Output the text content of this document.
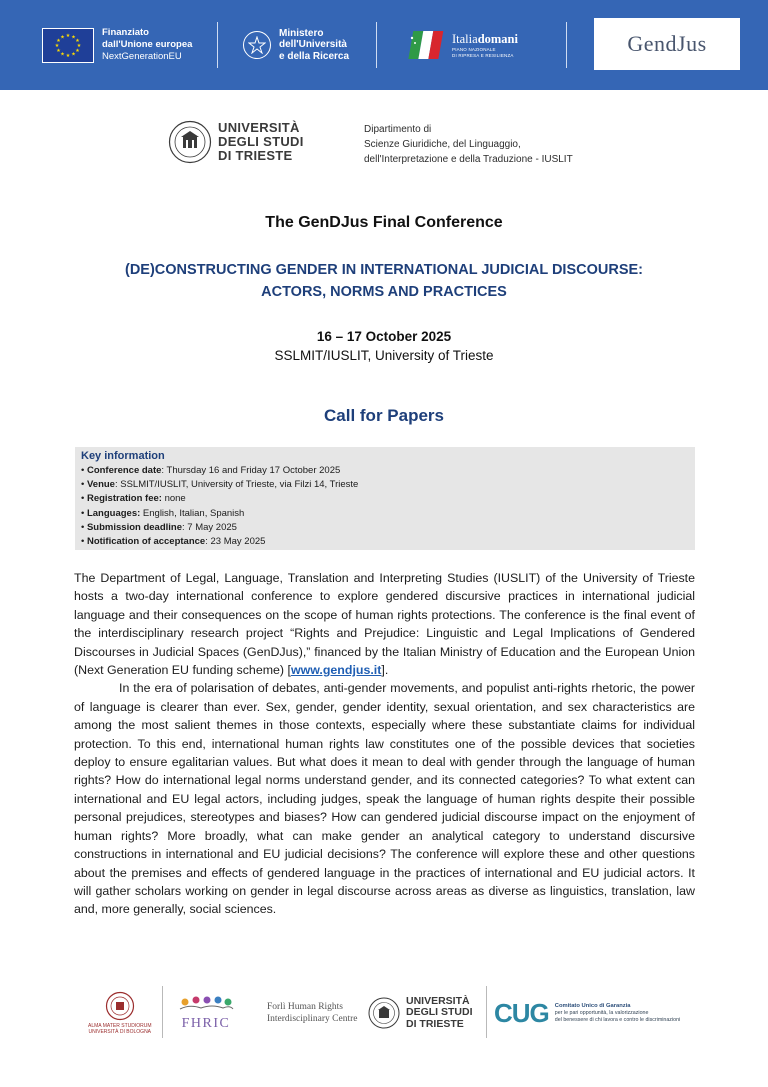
★ ★
★
★
★
★
★
★
★
★
★
★	Finanziato
dall'Unione europea
NextGenerationEU
Ministero
dell'Università
e della Ricerca
Italiadomani
PIANO NAZIONALE
DI RIPRESA E RESILIENZA	GendJus
UNIVERSITÀ
DEGLI STUDI
DI TRIESTE
Dipartimento di
Scienze Giuridiche, del Linguaggio,
dell'Interpretazione e della Traduzione - IUSLIT
The GenDJus Final Conference
(DE)CONSTRUCTING GENDER IN INTERNATIONAL JUDICIAL DISCOURSE:
ACTORS, NORMS AND PRACTICES
16 – 17 October 2025
SSLMIT/IUSLIT, University of Trieste
Call for Papers
Key information
• Conference date: Thursday 16 and Friday 17 October 2025
• Venue: SSLMIT/IUSLIT, University of Trieste, via Filzi 14, Trieste
• Registration fee: none
• Languages: English, Italian, Spanish
• Submission deadline: 7 May 2025
• Notification of acceptance: 23 May 2025

The Department of Legal, Language, Translation and Interpreting Studies (IUSLIT) of the University of Trieste hosts a two-day international conference to explore gendered discursive practices in international judicial language and their consequences on the scope of human rights protections. The conference is the final event of the interdisciplinary research project “Rights and Prejudice: Linguistic and Legal Implications of Gendered Discourses in Judicial Spaces (GenDJus),” financed by the Italian Ministry of Education and the European Union (Next Generation EU funding scheme) [www.gendjus.it].

In the era of polarisation of debates, anti-gender movements, and populist anti-rights rhetoric, the power of language is clearer than ever. Sex, gender, gender identity, sexual orientation, and sex characteristics are among the most salient themes in those contexts, especially where these substantiate claims for individual protection. To this end, international human rights law constitutes one of the possible devices that societies deploy to ensure egalitarian values. But what does it mean to deal with gender through the language of human rights? How do international legal norms understand gender, and its connected categories? To what extent can international and EU legal actors, including judges, speak the language of human rights despite their possible personal prejudices, stereotypes and biases? How can gendered judicial discourse impact on the enjoyment of human rights? More broadly, what can make gender an analytical category to understand discursive constructions in international and EU judicial decisions? The conference will explore these and other questions about the premises and effects of gendered language in the practices of international and EU judicial actors. It will gather scholars working on gender in legal discourse across areas as diverse as linguistics, translation, law and, more generally, social sciences.

ALMA MATER STUDIORUM
UNIVERSITÀ DI BOLOGNA
FHRIC
Forlì Human Rights
Interdisciplinary Centre
UNIVERSITÀ
DEGLI STUDI
DI TRIESTE	CUG Comitato Unico di Garanzia
per le pari opportunità, la valorizzazione
del benessere di chi lavora e contro le discriminazioni
